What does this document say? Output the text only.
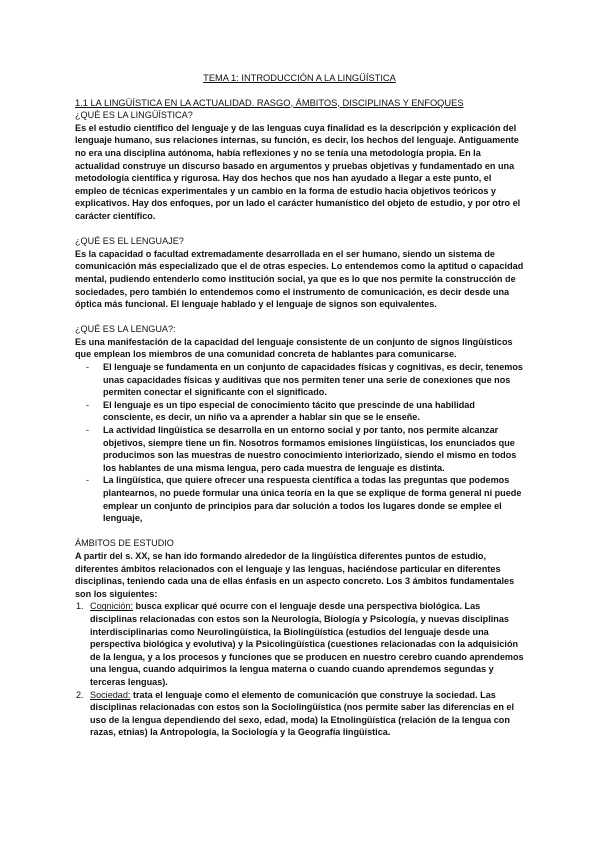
TEMA 1: INTRODUCCIÓN A LA LINGÜÍSTICA

1.1 LA LINGÜÍSTICA EN LA ACTUALIDAD. RASGO, ÁMBITOS, DISCIPLINAS Y ENFOQUES

¿QUÉ ES LA LINGÜÍSTICA?

Es el estudio científico del lenguaje y de las lenguas cuya finalidad es la descripción y explicación del lenguaje humano, sus relaciones internas, su función, es decir, los hechos del lenguaje. Antiguamente no era una disciplina autónoma, había reflexiones y no se tenía una metodología propia. En la actualidad construye un discurso basado en argumentos y pruebas objetivas y fundamentado en una metodología científica y rigurosa. Hay dos hechos que nos han ayudado a llegar a este punto, el empleo de técnicas experimentales y un cambio en la forma de estudio hacia objetivos teóricos y explicativos. Hay dos enfoques, por un lado el carácter humanístico del objeto de estudio, y por otro el carácter científico.

¿QUÉ ES EL LENGUAJE?

Es la capacidad o facultad extremadamente desarrollada en el ser humano, siendo un sistema de comunicación más especializado que el de otras especies. Lo entendemos como la aptitud o capacidad mental, pudiendo entenderlo como institución social, ya que es lo que nos permite la construcción de sociedades, pero también lo entendemos como el instrumento de comunicación, es decir desde una óptica más funcional. El lenguaje hablado y el lenguaje de signos son equivalentes.

¿QUÉ ES LA LENGUA?:

Es una manifestación de la capacidad del lenguaje consistente de un conjunto de signos lingüísticos que emplean los miembros de una comunidad concreta de hablantes para comunicarse.

- El lenguaje se fundamenta en un conjunto de capacidades físicas y cognitivas, es decir, tenemos unas capacidades físicas y auditivas que nos permiten tener una serie de conexiones que nos permiten conectar el significante con el significado.
- El lenguaje es un tipo especial de conocimiento tácito que prescinde de una habilidad consciente, es decir, un niño va a aprender a hablar sin que se le enseñe.
- La actividad lingüística se desarrolla en un entorno social y por tanto, nos permite alcanzar objetivos, siempre tiene un fin. Nosotros formamos emisiones lingüísticas, los enunciados que producimos son las muestras de nuestro conocimiento interiorizado, siendo el mismo en todos los hablantes de una misma lengua, pero cada muestra de lenguaje es distinta.
- La lingüística, que quiere ofrecer una respuesta científica a todas las preguntas que podemos plantearnos, no puede formular una única teoría en la que se explique de forma general ni puede emplear un conjunto de principios para dar solución a todos los lugares donde se emplee el lenguaje,

ÁMBITOS DE ESTUDIO

A partir del s. XX, se han ido formando alrededor de la lingüística diferentes puntos de estudio, diferentes ámbitos relacionados con el lenguaje y las lenguas, haciéndose particular en diferentes disciplinas, teniendo cada una de ellas énfasis en un aspecto concreto. Los 3 ámbitos fundamentales son los siguientes:

1. Cognición: busca explicar qué ocurre con el lenguaje desde una perspectiva biológica. Las disciplinas relacionadas con estos son la Neurología, Biología y Psicología, y nuevas disciplinas interdisciplinarias como Neurolingüística, la Biolingüística (estudios del lenguaje desde una perspectiva biológica y evolutiva) y la Psicolingüística (cuestiones relacionadas con la adquisición de la lengua, y a los procesos y funciones que se producen en nuestro cerebro cuando aprendemos una lengua, cuando adquirimos la lengua materna o cuando cuando aprendemos segundas y terceras lenguas).
2. Sociedad: trata el lenguaje como el elemento de comunicación que construye la sociedad. Las disciplinas relacionadas con estos son la Sociolingüística (nos permite saber las diferencias en el uso de la lengua dependiendo del sexo, edad, moda) la Etnolingüística (relación de la lengua con razas, etnias) la Antropología, la Sociología y la Geografía lingüística.
